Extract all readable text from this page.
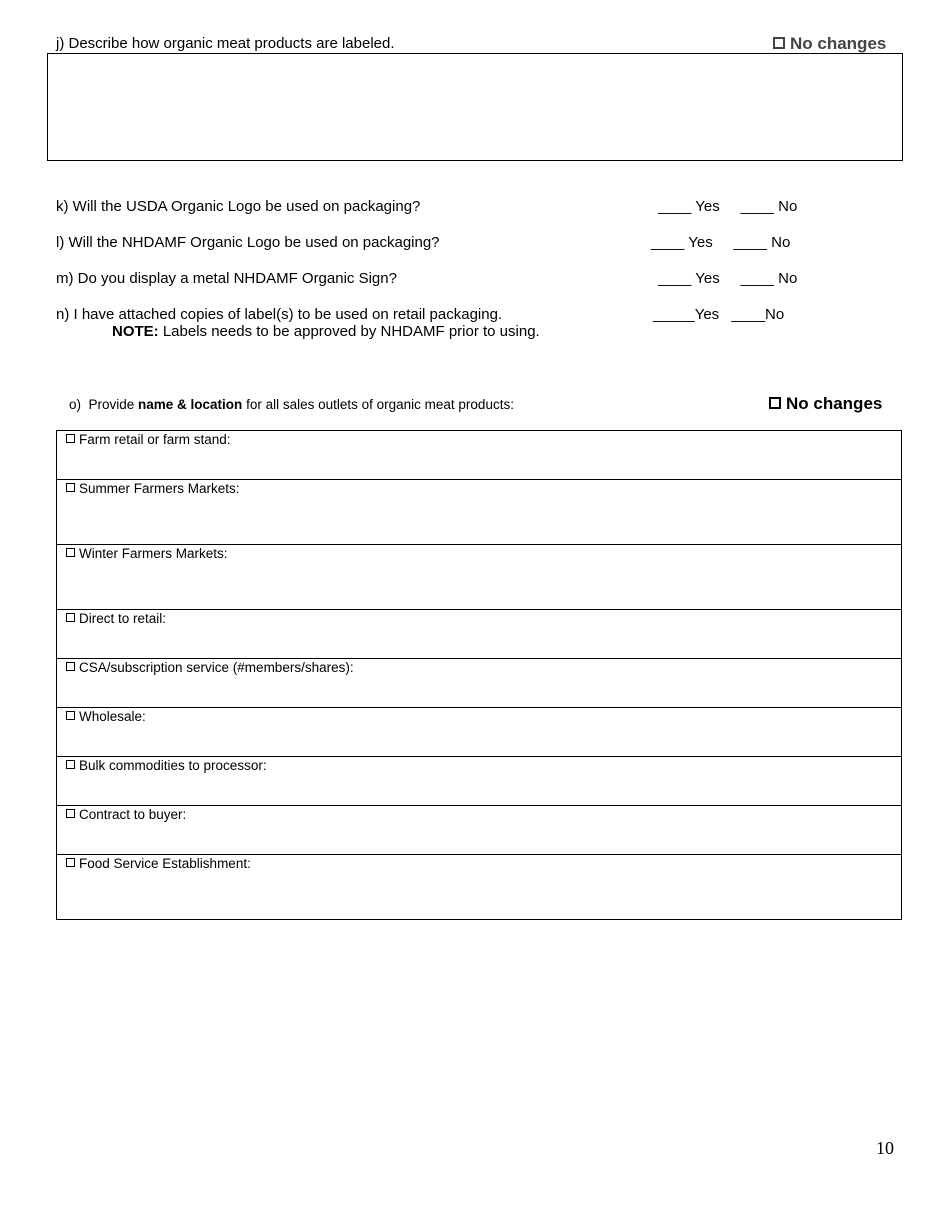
j) Describe how organic meat products are labeled.	No changes
k) Will the USDA Organic Logo be used on packaging?	____ Yes     ____ No
l) Will the NHDAMF Organic Logo be used on packaging?	____ Yes     ____ No
m) Do you display a metal NHDAMF Organic Sign?	____ Yes     ____ No
n) I have attached copies of label(s) to be used on retail packaging.	_____Yes   ____No
NOTE: Labels needs to be approved by NHDAMF prior to using.
o)  Provide name & location for all sales outlets of organic meat products:	No changes
Farm retail or farm stand:
Summer Farmers Markets:
Winter Farmers Markets:
Direct to retail:
CSA/subscription service (#members/shares):
Wholesale:
Bulk commodities to processor:
Contract to buyer:
Food Service Establishment:
10
